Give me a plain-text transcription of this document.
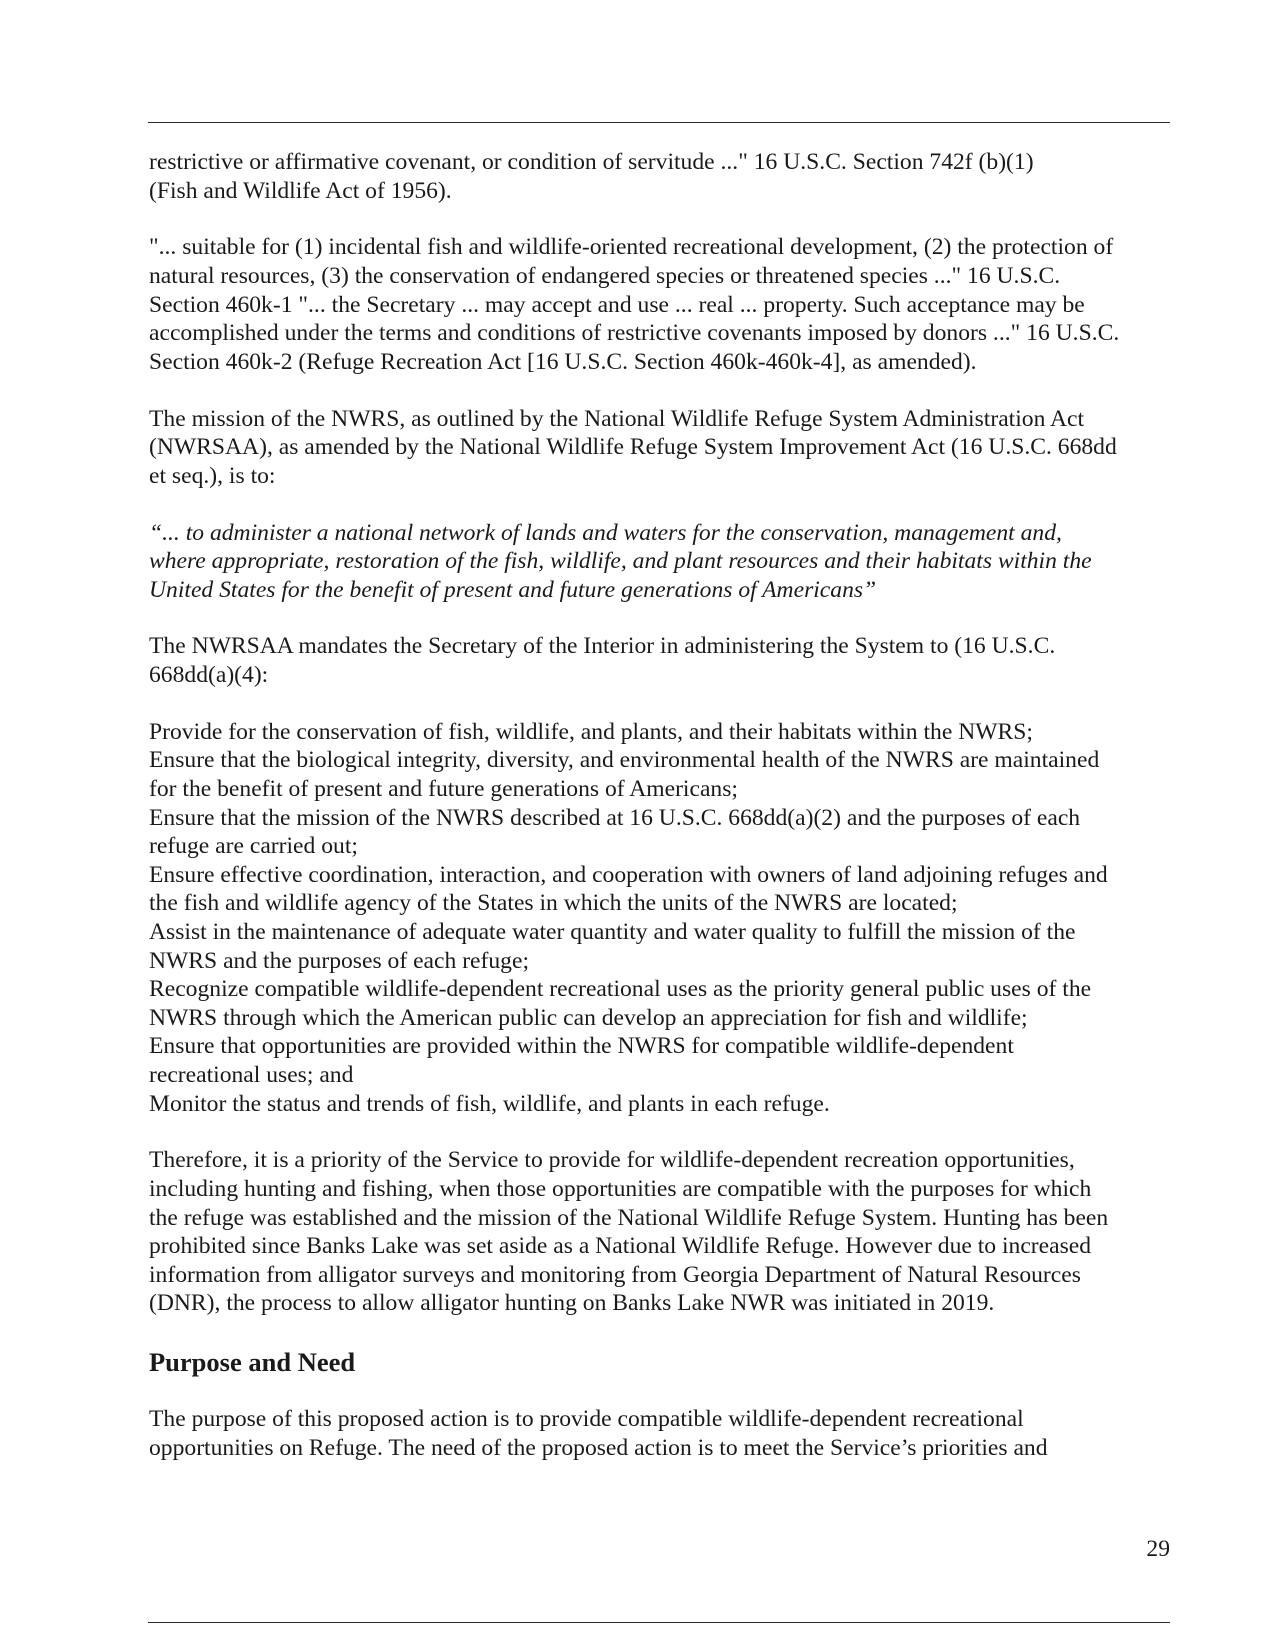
restrictive or affirmative covenant, or condition of servitude ..." 16 U.S.C. Section 742f (b)(1)
(Fish and Wildlife Act of 1956).
"... suitable for (1) incidental fish and wildlife-oriented recreational development, (2) the protection of
natural resources, (3) the conservation of endangered species or threatened species ..." 16 U.S.C.
Section 460k-1 "... the Secretary ... may accept and use ... real ... property. Such acceptance may be
accomplished under the terms and conditions of restrictive covenants imposed by donors ..." 16 U.S.C.
Section 460k-2 (Refuge Recreation Act [16 U.S.C. Section 460k-460k-4], as amended).
The mission of the NWRS, as outlined by the National Wildlife Refuge System Administration Act
(NWRSAA), as amended by the National Wildlife Refuge System Improvement Act (16 U.S.C. 668dd
et seq.), is to:
“... to administer a national network of lands and waters for the conservation, management and,
where appropriate, restoration of the fish, wildlife, and plant resources and their habitats within the
United States for the benefit of present and future generations of Americans”
The NWRSAA mandates the Secretary of the Interior in administering the System to (16 U.S.C.
668dd(a)(4):
Provide for the conservation of fish, wildlife, and plants, and their habitats within the NWRS;
Ensure that the biological integrity, diversity, and environmental health of the NWRS are maintained
for the benefit of present and future generations of Americans;
Ensure that the mission of the NWRS described at 16 U.S.C. 668dd(a)(2) and the purposes of each
refuge are carried out;
Ensure effective coordination, interaction, and cooperation with owners of land adjoining refuges and
the fish and wildlife agency of the States in which the units of the NWRS are located;
Assist in the maintenance of adequate water quantity and water quality to fulfill the mission of the
NWRS and the purposes of each refuge;
Recognize compatible wildlife-dependent recreational uses as the priority general public uses of the
NWRS through which the American public can develop an appreciation for fish and wildlife;
Ensure that opportunities are provided within the NWRS for compatible wildlife-dependent
recreational uses; and
Monitor the status and trends of fish, wildlife, and plants in each refuge.
Therefore, it is a priority of the Service to provide for wildlife-dependent recreation opportunities,
including hunting and fishing, when those opportunities are compatible with the purposes for which
the refuge was established and the mission of the National Wildlife Refuge System. Hunting has been
prohibited since Banks Lake was set aside as a National Wildlife Refuge. However due to increased
information from alligator surveys and monitoring from Georgia Department of Natural Resources
(DNR), the process to allow alligator hunting on Banks Lake NWR was initiated in 2019.
Purpose and Need
The purpose of this proposed action is to provide compatible wildlife-dependent recreational
opportunities on Refuge. The need of the proposed action is to meet the Service’s priorities and
29
